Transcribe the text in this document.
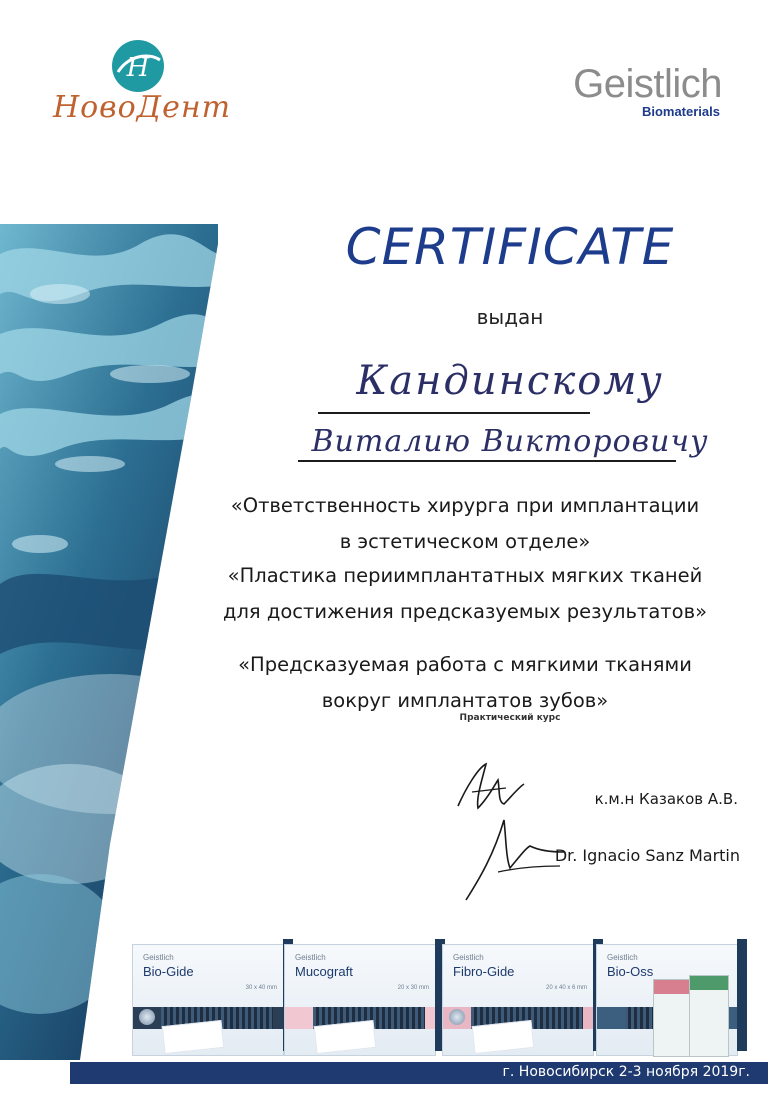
Н
НовоДент
Geistlich
Biomaterials
CERTIFICATE
выдан
Кандинскому
Виталию Викторовичу
«Ответственность хирурга при имплантации
в эстетическом отделе»
«Пластика периимплантатных мягких тканей
для достижения предсказуемых результатов»
«Предсказуемая работа с мягкими тканями
вокруг имплантатов зубов»
Практический курс
к.м.н Казаков А.В.
Dr. Ignacio Sanz Martin
Geistlich
Bio-Gide
30 x 40 mm
Geistlich
Mucograft
20 x 30 mm
Geistlich
Fibro-Gide
20 x 40 x 6 mm
Geistlich
Bio-Oss
г. Новосибирск 2-3 ноября 2019г.
